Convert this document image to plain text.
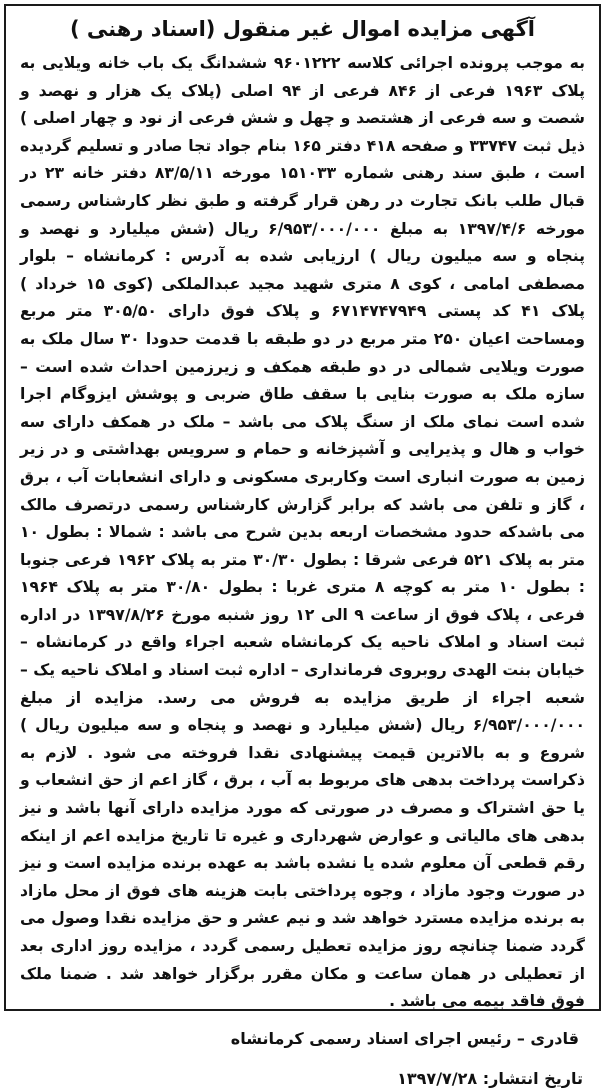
آگهی مزایده اموال غیر منقول (اسناد رهنی )

به موجب پرونده اجرائی کلاسه ۹۶۰۱۲۲۲ ششدانگ یک باب خانه ویلایی به پلاک ۱۹۶۳ فرعی از ۸۴۶ فرعی از ۹۴ اصلی (پلاک یک هزار و نهصد و شصت و سه فرعی از هشتصد و چهل و شش فرعی از نود و چهار اصلی ) ذیل ثبت ۳۳۷۴۷ و صفحه ۴۱۸ دفتر ۱۶۵ بنام جواد تجا صادر و تسلیم گردیده است ، طبق سند رهنی شماره ۱۵۱۰۳۳ مورخه ۸۳/۵/۱۱ دفتر خانه ۲۳ در قبال طلب بانک تجارت در رهن قرار گرفته و طبق نظر کارشناس رسمی مورخه ۱۳۹۷/۴/۶ به مبلغ ۶/۹۵۳/۰۰۰/۰۰۰ ریال (شش میلیارد و نهصد و پنجاه و سه میلیون ریال ) ارزیابی شده به آدرس : کرمانشاه – بلوار مصطفی امامی ، کوی ۸ متری شهید مجید عبدالملکی (کوی ۱۵ خرداد ) پلاک ۴۱ کد پستی ۶۷۱۴۷۴۷۹۴۹ و پلاک فوق دارای ۳۰۵/۵۰ متر مربع ومساحت اعیان ۲۵۰ متر مربع در دو طبقه با قدمت حدودا ۳۰ سال ملک به صورت ویلایی شمالی در دو طبقه همکف و زیرزمین احداث شده است – سازه ملک به صورت بنایی با سقف طاق ضربی و پوشش ایزوگام اجرا شده است نمای ملک از سنگ پلاک می باشد – ملک در همکف دارای سه خواب و هال و پذیرایی و آشپزخانه و حمام و سرویس بهداشتی و در زیر زمین به صورت انباری است وکاربری مسکونی و دارای انشعابات آب ، برق ، گاز و تلفن می باشد که برابر گزارش کارشناس رسمی درتصرف مالک می باشدکه حدود مشخصات اربعه بدین شرح می باشد : شمالا : بطول ۱۰ متر به پلاک ۵۲۱ فرعی شرقا : بطول ۳۰/۳۰ متر به پلاک ۱۹۶۲ فرعی جنوبا : بطول ۱۰ متر به کوچه ۸ متری غربا : بطول ۳۰/۸۰ متر به پلاک ۱۹۶۴ فرعی ، پلاک فوق از ساعت ۹ الی ۱۲ روز شنبه مورخ ۱۳۹۷/۸/۲۶ در اداره ثبت اسناد و املاک ناحیه یک کرمانشاه شعبه اجراء واقع در کرمانشاه – خیابان بنت الهدی روبروی فرمانداری – اداره ثبت اسناد و املاک ناحیه یک – شعبه اجراء از طریق مزایده به فروش می رسد. مزایده از مبلغ ۶/۹۵۳/۰۰۰/۰۰۰ ریال (شش میلیارد و نهصد و پنجاه و سه میلیون ریال ) شروع و به بالاترین قیمت پیشنهادی نقدا فروخته می شود . لازم به ذکراست پرداخت بدهی های مربوط به آب ، برق ، گاز اعم از حق انشعاب و یا حق اشتراک و مصرف در صورتی که مورد مزایده دارای آنها باشد و نیز بدهی های مالیاتی و عوارض شهرداری و غیره تا تاریخ مزایده اعم از اینکه رقم قطعی آن معلوم شده یا نشده باشد به عهده برنده مزایده است و نیز در صورت وجود مازاد ، وجوه پرداختی بابت هزینه های فوق از محل مازاد به برنده مزایده مسترد خواهد شد و نیم عشر و حق مزایده نقدا وصول می گردد ضمنا چنانچه روز مزایده تعطیل رسمی گردد ، مزایده روز اداری بعد از تعطیلی در همان ساعت و مکان مقرر برگزار خواهد شد . ضمنا ملک فوق فاقد بیمه می باشد .

قادری – رئیس اجرای اسناد رسمی کرمانشاه
تاریخ انتشار: ۱۳۹۷/۷/۲۸
